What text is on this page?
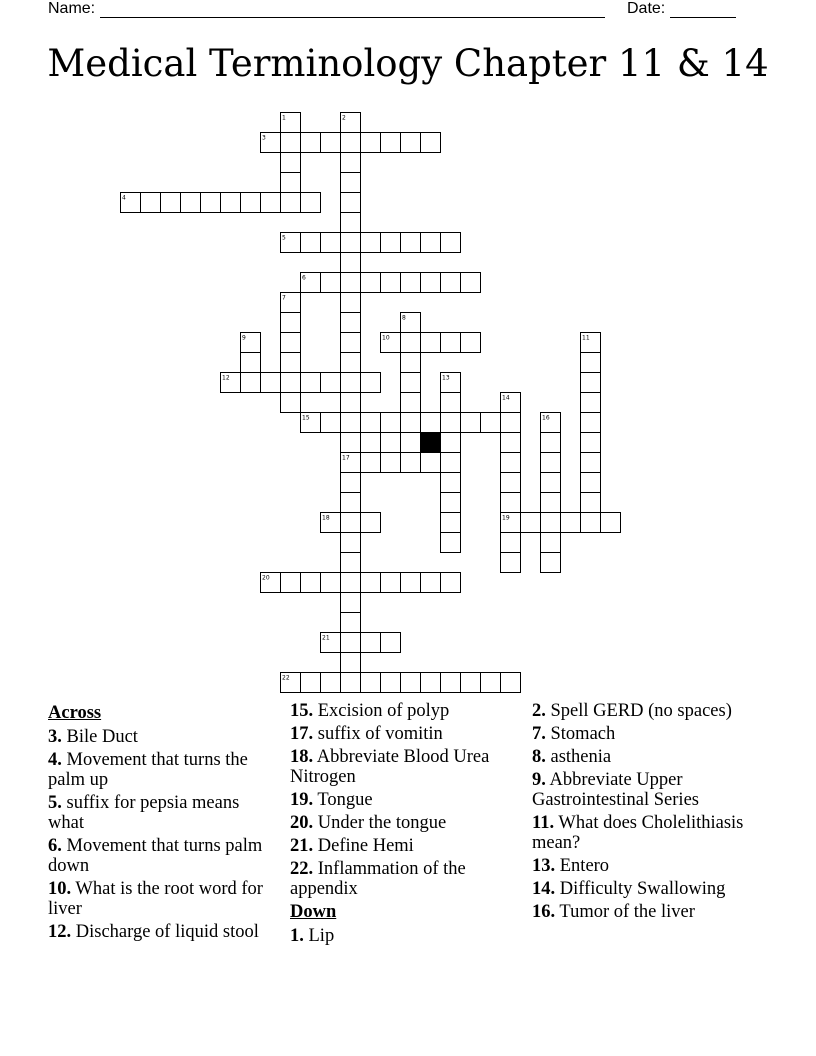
Name:	Date:
Medical Terminology Chapter 11 & 14
1	2
3
4
5
6
7
8
9	10	11
12	13
14
15	16
17
18	19
20
21
22
Across
3. Bile Duct
4. Movement that turns the palm up
5. suffix for pepsia means what
6. Movement that turns palm down
10. What is the root word for liver
12. Discharge of liquid stool
15. Excision of polyp
17. suffix of vomitin
18. Abbreviate Blood Urea Nitrogen
19. Tongue
20. Under the tongue
21. Define Hemi
22. Inflammation of the appendix
Down
1. Lip
2. Spell GERD (no spaces)
7. Stomach
8. asthenia
9. Abbreviate Upper Gastrointestinal Series
11. What does Cholelithiasis mean?
13. Entero
14. Difficulty Swallowing
16. Tumor of the liver
